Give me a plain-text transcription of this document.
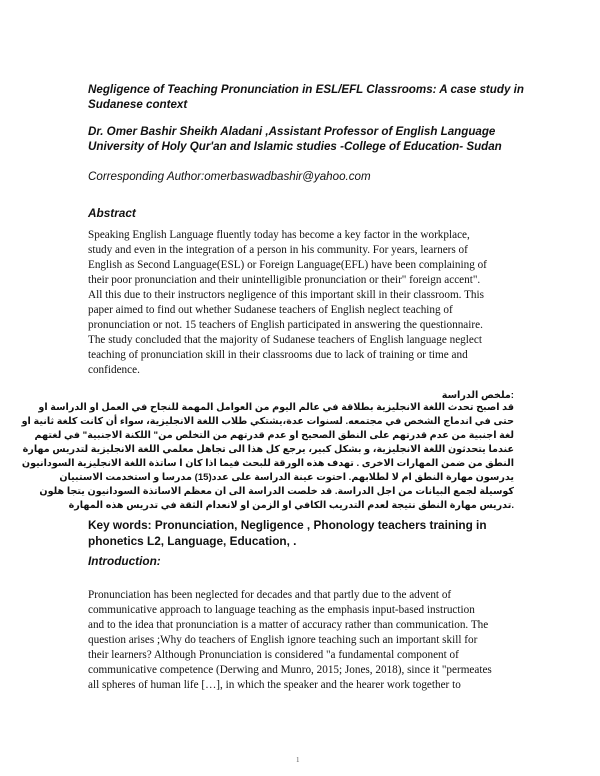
Negligence of Teaching Pronunciation in ESL/EFL Classrooms: A case study in Sudanese context
Dr. Omer Bashir Sheikh Aladani ,Assistant Professor of English Language University of Holy Qur'an and Islamic studies -College of Education- Sudan
Corresponding Author:omerbaswadbashir@yahoo.com
Abstract
Speaking English Language fluently today has become a key factor in the workplace,
study and even in the integration of a person in his community. For years, learners of
English as Second Language(ESL) or Foreign Language(EFL) have been complaining of
their poor pronunciation and their unintelligible pronunciation or their" foreign accent".
All this due to their instructors negligence of this important skill in their classroom. This
paper aimed to find out whether Sudanese teachers of English neglect teaching of
pronunciation or not. 15 teachers of English participated in answering the questionnaire.
The study concluded that the majority of Sudanese teachers of English language neglect
teaching of pronunciation skill in their classrooms due to lack of training or time and
confidence.
:ملخص الدراسة
قد اصبح تحدث اللغة الانجليزية بطلاقة في عالم اليوم من العوامل المهمة للنجاح في العمل او الدراسة او
حتى في اندماج الشخص في مجتمعه. لسنوات عدة،يشتكي طلاب اللغة الانجليزية، سواء أن كانت كلغة ثانية او
لغة اجنبية من عدم قدرتهم على النطق الصحيح او عدم قدرتهم من التخلص من" اللكنة الاجنبية" في لغتهم
عندما يتحدثون اللغة الانجليزية، و بشكل كبير، يرجع كل هذا الى تجاهل معلمي اللغة الانجليزية لتدريس مهارة
النطق من ضمن المهارات الاخرى . تهدف هذه الورقة للبحث فيما اذا كان ا ساتذة اللغة الانجليزية السودانيون
يدرسون مهارة النطق ام لا لطلابهم. احتوت عينة الدراسة على عدد(15) مدرسا و استخدمت الاستبيان
كوسيلة لجمع البيانات من اجل الدراسة. قد خلصت الدراسة الى ان معظم الاساتذة السودانيون يتجا هلون
.تدريس مهارة النطق نتيجة لعدم التدريب الكافي او الزمن او لانعدام الثقة في تدريس هذه المهارة
Key words: Pronunciation, Negligence , Phonology teachers training in phonetics L2, Language, Education, .
Introduction:
Pronunciation has been neglected for decades and that partly due to the advent of
communicative approach to language teaching as the emphasis input-based instruction
and to the idea that pronunciation is a matter of accuracy rather than communication. The
question arises ;Why do teachers of English ignore teaching such an important skill for
their learners? Although Pronunciation is considered "a fundamental component of
communicative competence (Derwing and Munro, 2015; Jones, 2018), since it "permeates
all spheres of human life […], in which the speaker and the hearer work together to
1
